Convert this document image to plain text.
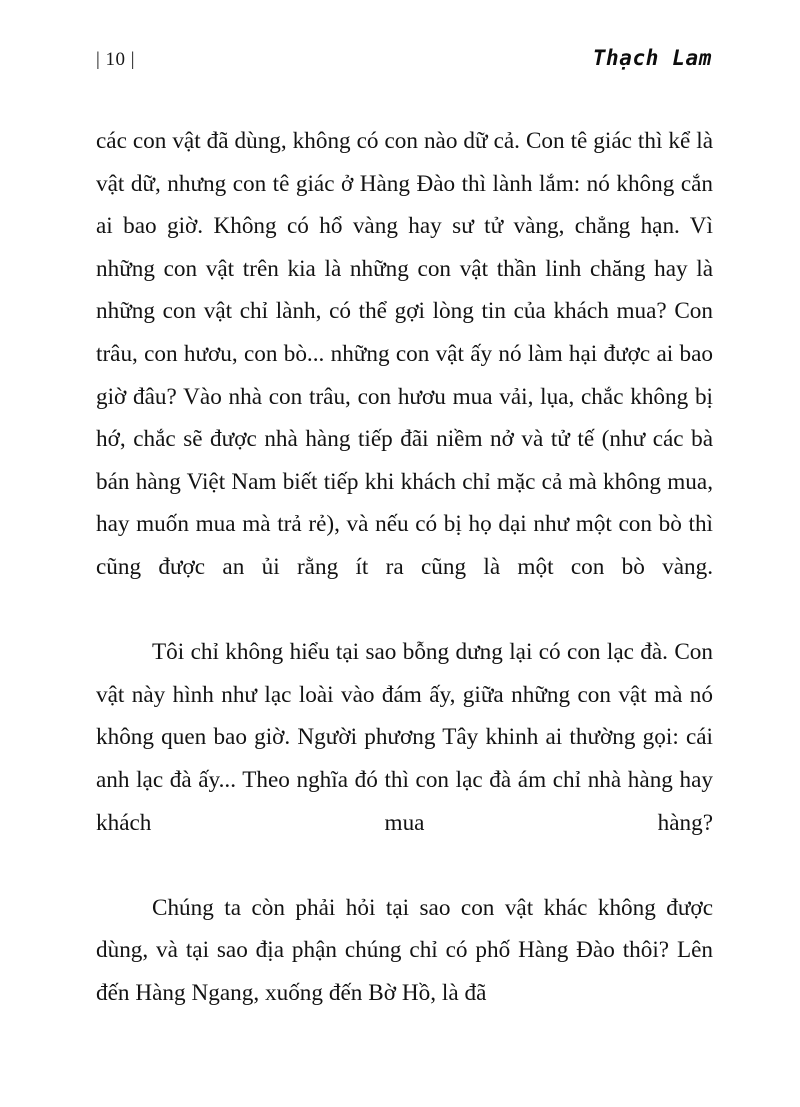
| 10 |	Thạch Lam

các con vật đã dùng, không có con nào dữ cả. Con tê giác thì kể là vật dữ, nhưng con tê giác ở Hàng Đào thì lành lắm: nó không cắn ai bao giờ. Không có hổ vàng hay sư tử vàng, chẳng hạn. Vì những con vật trên kia là những con vật thần linh chăng hay là những con vật chỉ lành, có thể gợi lòng tin của khách mua? Con trâu, con hươu, con bò... những con vật ấy nó làm hại được ai bao giờ đâu? Vào nhà con trâu, con hươu mua vải, lụa, chắc không bị hớ, chắc sẽ được nhà hàng tiếp đãi niềm nở và tử tế (như các bà bán hàng Việt Nam biết tiếp khi khách chỉ mặc cả mà không mua, hay muốn mua mà trả rẻ), và nếu có bị họ dại như một con bò thì cũng được an ủi rằng ít ra cũng là một con bò vàng.

Tôi chỉ không hiểu tại sao bỗng dưng lại có con lạc đà. Con vật này hình như lạc loài vào đám ấy, giữa những con vật mà nó không quen bao giờ. Người phương Tây khinh ai thường gọi: cái anh lạc đà ấy... Theo nghĩa đó thì con lạc đà ám chỉ nhà hàng hay khách mua hàng?

Chúng ta còn phải hỏi tại sao con vật khác không được dùng, và tại sao địa phận chúng chỉ có phố Hàng Đào thôi? Lên đến Hàng Ngang, xuống đến Bờ Hồ, là đã
